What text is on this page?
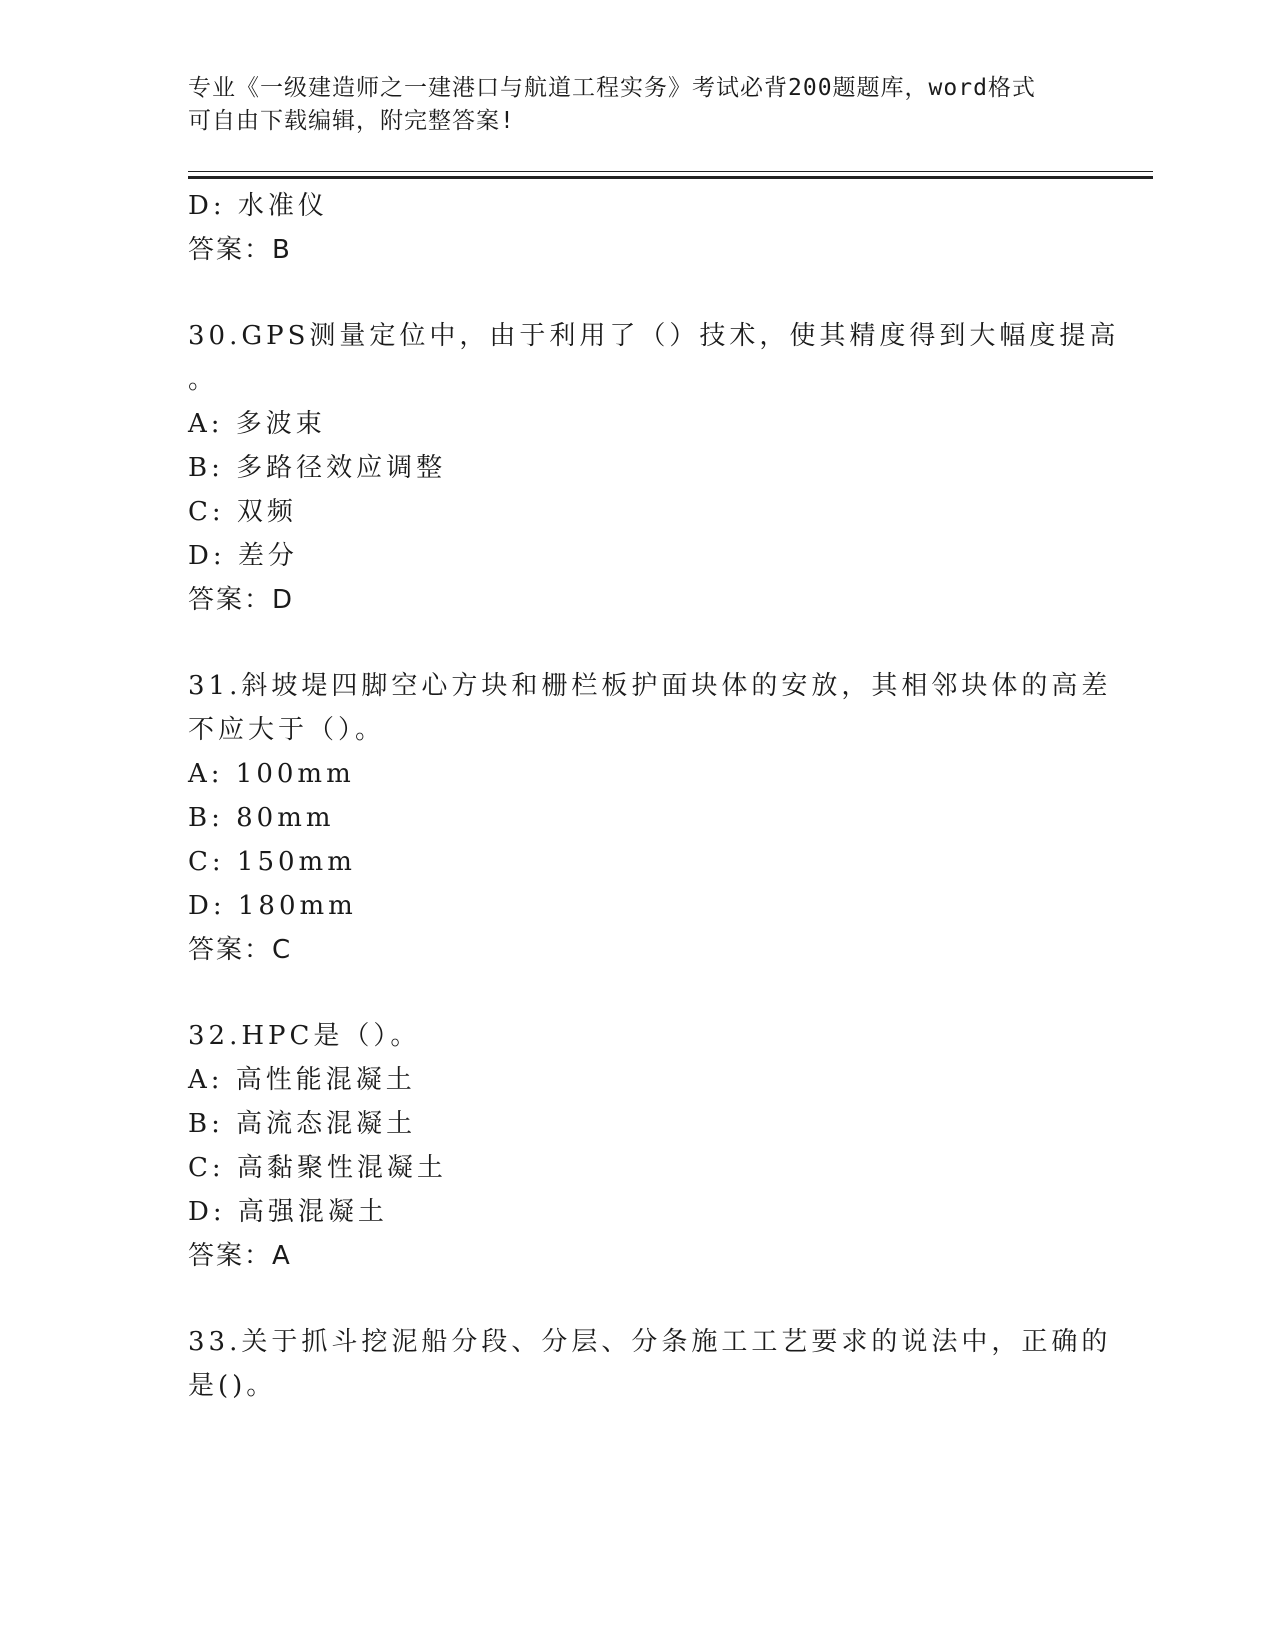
专业《一级建造师之一建港口与航道工程实务》考试必背200题题库，word格式
可自由下载编辑，附完整答案!
D: 水准仪
答案：B
30.GPS测量定位中，由于利用了（）技术，使其精度得到大幅度提高
。
A: 多波束
B: 多路径效应调整
C: 双频
D: 差分
答案：D
31.斜坡堤四脚空心方块和栅栏板护面块体的安放，其相邻块体的高差
不应大于（）。
A: 100mm
B: 80mm
C: 150mm
D: 180mm
答案：C
32.HPC是（）。
A: 高性能混凝土
B: 高流态混凝土
C: 高黏聚性混凝土
D: 高强混凝土
答案：A
33.关于抓斗挖泥船分段、分层、分条施工工艺要求的说法中，正确的
是()。
